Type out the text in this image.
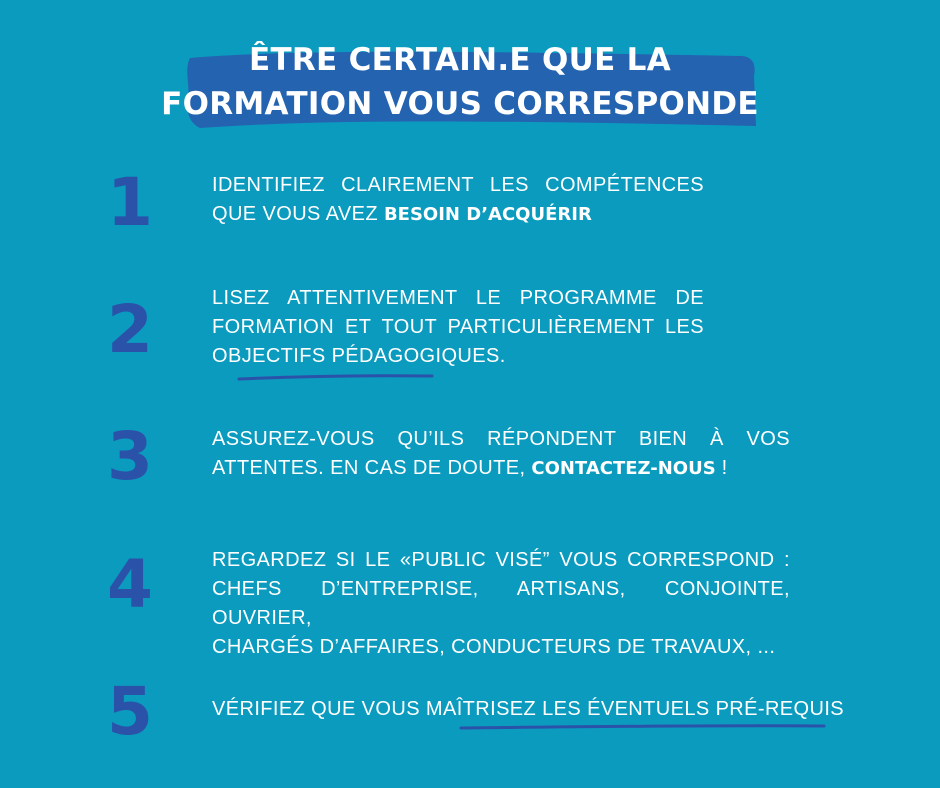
ÊTRE CERTAIN.E QUE LA
FORMATION VOUS CORRESPONDE
1	IDENTIFIEZ CLAIREMENT LES COMPÉTENCES
QUE VOUS AVEZ BESOIN D’ACQUÉRIR

2	LISEZ ATTENTIVEMENT LE PROGRAMME DE
FORMATION ET TOUT PARTICULIÈREMENT LES
OBJECTIFS PÉDAGOGIQUES.

3	ASSUREZ-VOUS QU’ILS RÉPONDENT BIEN À VOS
ATTENTES. EN CAS DE DOUTE, CONTACTEZ-NOUS !

4	REGARDEZ SI LE «PUBLIC VISÉ” VOUS CORRESPOND :
CHEFS D’ENTREPRISE, ARTISANS, CONJOINTE, OUVRIER,
CHARGÉS D’AFFAIRES, CONDUCTEURS DE TRAVAUX, ...

5	VÉRIFIEZ QUE VOUS MAÎTRISEZ LES ÉVENTUELS PRÉ-REQUIS
